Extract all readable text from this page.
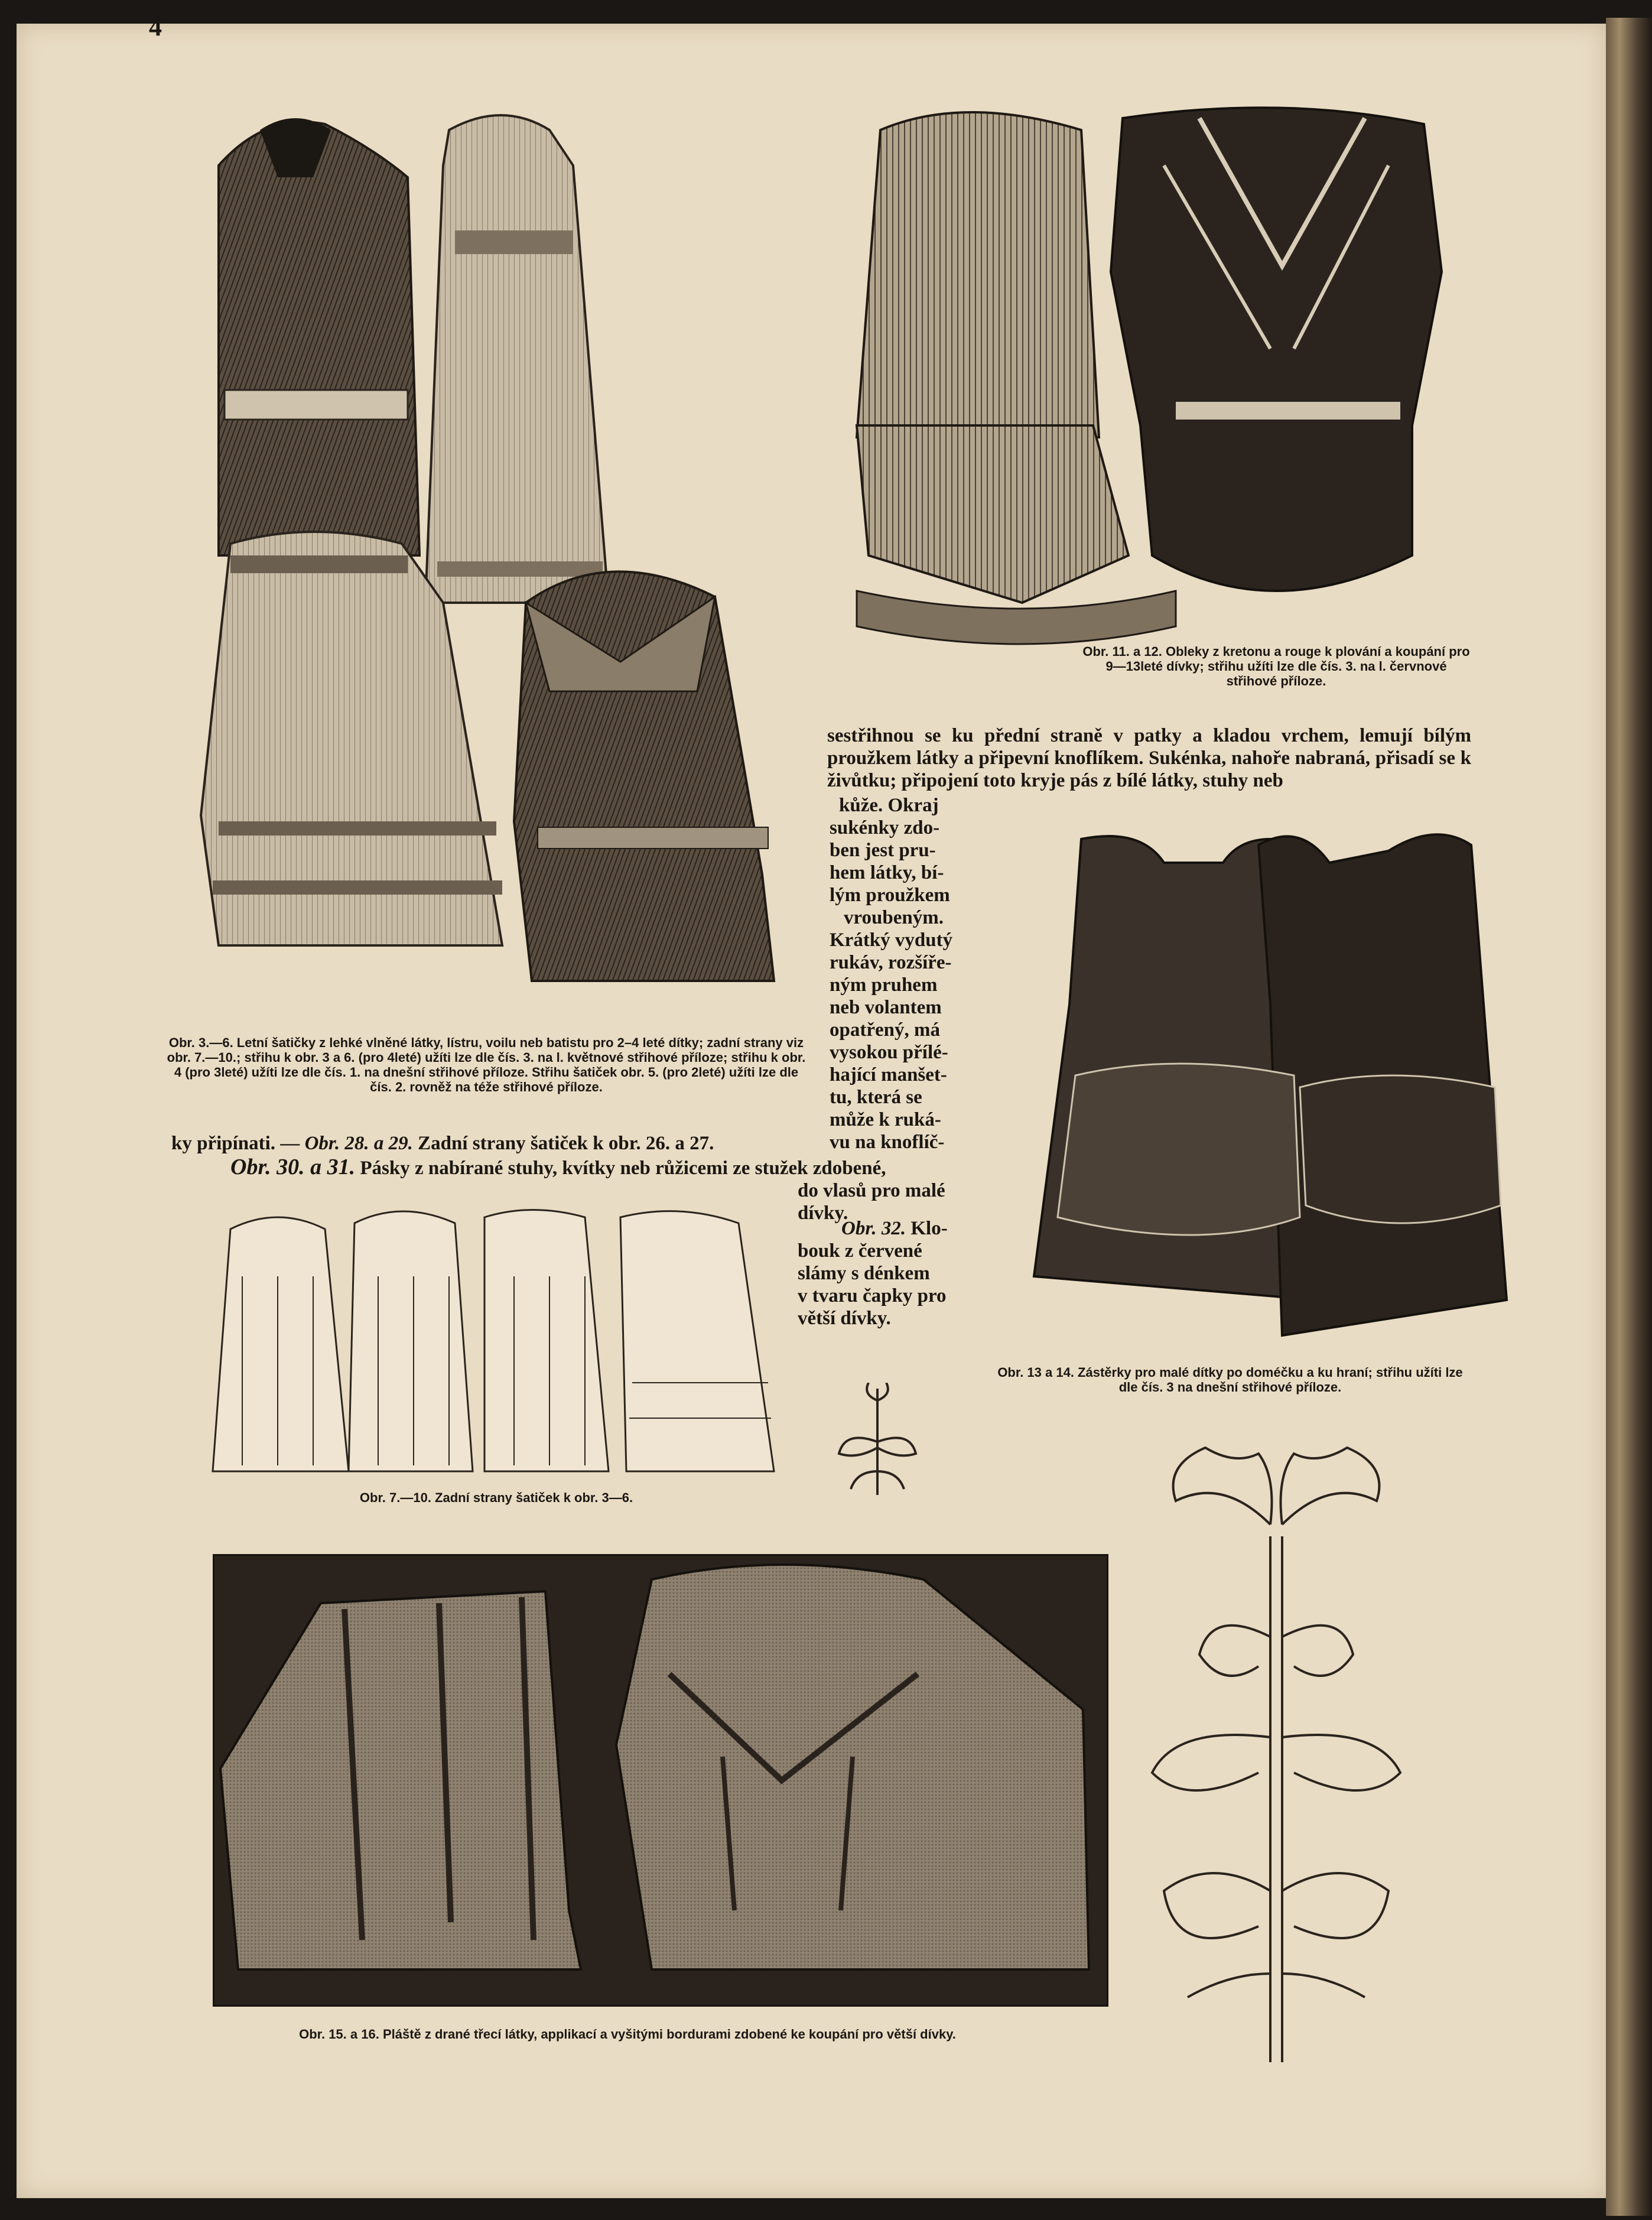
4
Obr. 3.—6. Letní šatičky z lehké vlněné látky, lístru, voilu neb batistu pro 2–4 leté dítky; zadní strany viz obr. 7.—10.; střihu k obr. 3 a 6. (pro 4leté) užíti lze dle čís. 3. na l. květnové střihové příloze; střihu k obr. 4 (pro 3leté) užíti lze dle čís. 1. na dnešní střihové příloze. Střihu šatiček obr. 5. (pro 2leté) užíti lze dle čís. 2. rovněž na téže střihové příloze.
Obr. 11. a 12. Obleky z kretonu a rouge k plování a koupání pro 9—13leté dívky; střihu užíti lze dle čís. 3. na l. červnové střihové příloze.
sestřihnou se ku přední straně v patky a kladou vrchem, lemují bílým proužkem látky a připevní knoflíkem. Sukénka, nahoře nabraná, přisadí se k živůtku; připojení toto kryje pás z bílé látky, stuhy neb
kůže. Okraj
sukénky zdo-
ben jest pru-
hem látky, bí-
lým proužkem
vroubeným.
Krátký vydutý
rukáv, rozšíře-
ným pruhem
neb volantem
opatřený, má
vysokou přílé-
hající manšet-
tu, která se
může k ruká-
vu na knoflíč-
Obr. 13 a 14. Zástěrky pro malé dítky po doméčku a ku hraní; střihu užíti lze dle čís. 3 na dnešní střihové příloze.
ky připínati. — Obr. 28. a 29. Zadní strany šatiček k obr. 26. a 27.
Obr. 30. a 31. Pásky z nabírané stuhy, kvítky neb růžicemi ze stužek zdobené,
do vlasů pro malé
dívky.
Obr. 32. Klo-
bouk z červené
slámy s dénkem
v tvaru čapky pro
větší dívky.
Obr. 7.—10. Zadní strany šatiček k obr. 3—6.
Obr. 15. a 16. Pláště z drané třecí látky, applikací a vyšitými bordurami zdobené ke koupání pro větší dívky.
